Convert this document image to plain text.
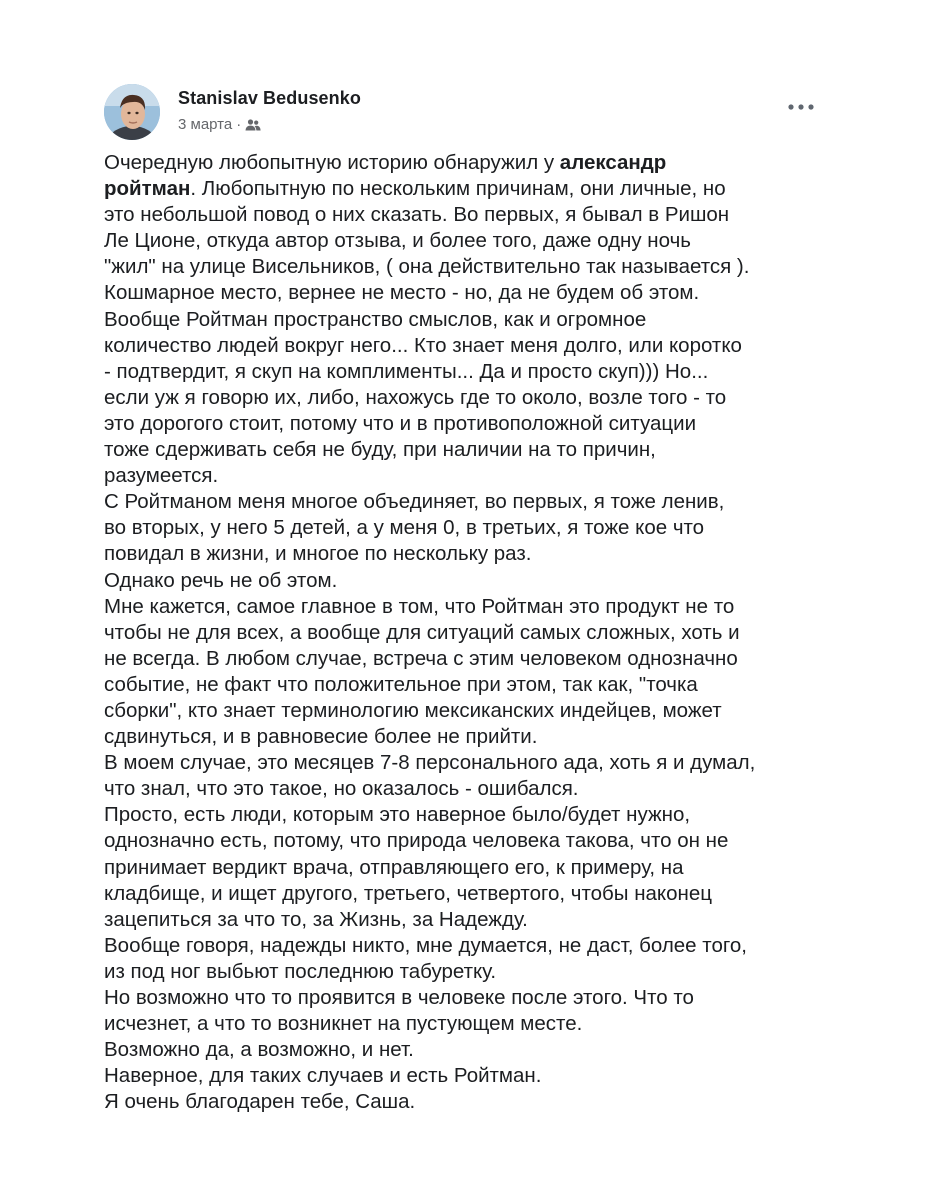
Stanislav Bedusenko
3 марта ·

Очередную любопытную историю обнаружил у александр

ройтман. Любопытную по нескольким причинам, они личные, но

это небольшой повод о них сказать. Во первых, я бывал в Ришон

Ле Ционе, откуда автор отзыва, и более того, даже одну ночь

"жил" на улице Висельников, ( она действительно так называется ).

Кошмарное место, вернее не место - но, да не будем об этом.

Вообще Ройтман пространство смыслов, как и огромное

количество людей вокруг него... Кто знает меня долго, или коротко

- подтвердит, я скуп на комплименты... Да и просто скуп))) Но...

если уж я говорю их, либо, нахожусь где то около, возле того - то

это дорогого стоит, потому что и в противоположной ситуации

тоже сдерживать себя не буду, при наличии на то причин,

разумеется.

С Ройтманом меня многое объединяет, во первых, я тоже ленив,

во вторых, у него 5 детей, а у меня 0, в третьих, я тоже кое что

повидал в жизни, и многое по нескольку раз.

Однако речь не об этом.

Мне кажется, самое главное в том, что Ройтман это продукт не то

чтобы не для всех, а вообще для ситуаций самых сложных, хоть и

не всегда. В любом случае, встреча с этим человеком однозначно

событие, не факт что положительное при этом, так как, "точка

сборки", кто знает терминологию мексиканских индейцев, может

сдвинуться, и в равновесие более не прийти.

В моем случае, это месяцев 7-8 персонального ада, хоть я и думал,

что знал, что это такое, но оказалось - ошибался.

Просто, есть люди, которым это наверное было/будет нужно,

однозначно есть, потому, что природа человека такова, что он не

принимает вердикт врача, отправляющего его, к примеру, на

кладбище, и ищет другого, третьего, четвертого, чтобы наконец

зацепиться за что то, за Жизнь, за Надежду.

Вообще говоря, надежды никто, мне думается, не даст, более того,

из под ног выбьют последнюю табуретку.

Но возможно что то проявится в человеке после этого. Что то

исчезнет, а что то возникнет на пустующем месте.

Возможно да, а возможно, и нет.

Наверное, для таких случаев и есть Ройтман.

Я очень благодарен тебе, Саша.
